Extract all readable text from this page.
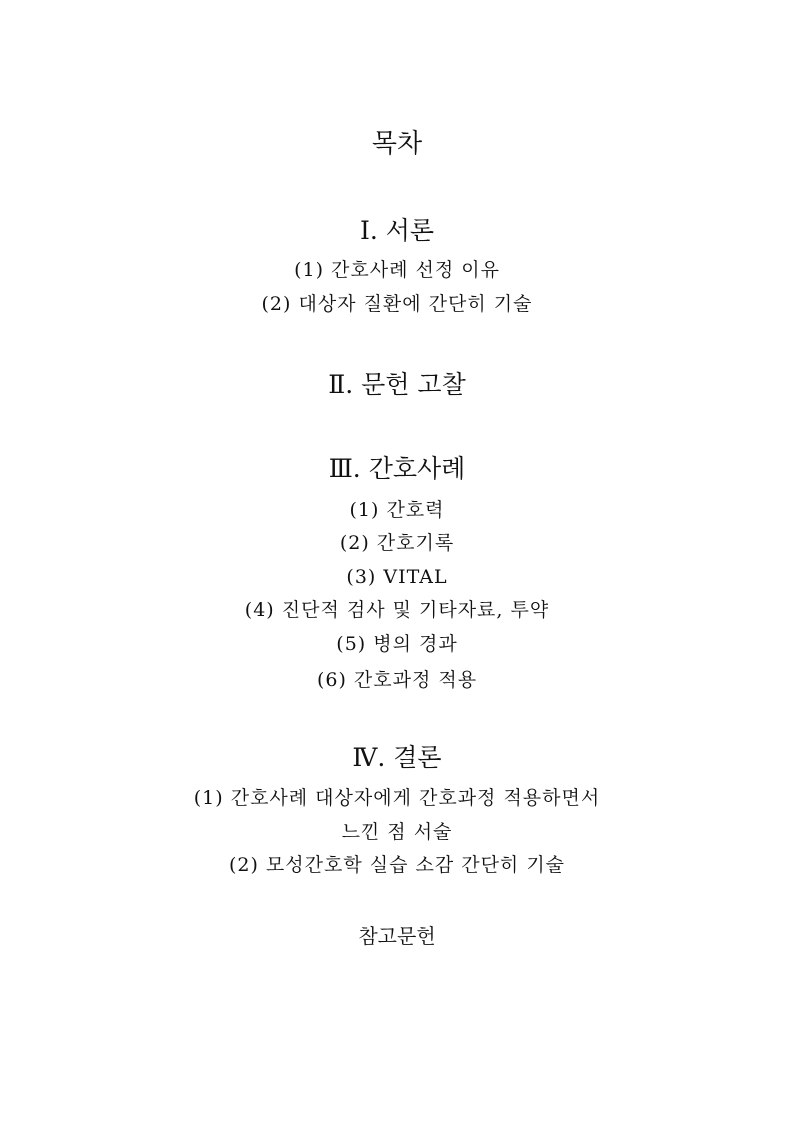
목차
Ⅰ. 서론
(1) 간호사례 선정 이유
(2) 대상자 질환에 간단히 기술
Ⅱ. 문헌 고찰
Ⅲ. 간호사례
(1) 간호력
(2) 간호기록
(3) VITAL
(4) 진단적 검사 및 기타자료, 투약
(5) 병의 경과
(6) 간호과정 적용
Ⅳ. 결론
(1) 간호사례 대상자에게 간호과정 적용하면서
느낀 점 서술
(2) 모성간호학 실습 소감 간단히 기술
참고문헌
